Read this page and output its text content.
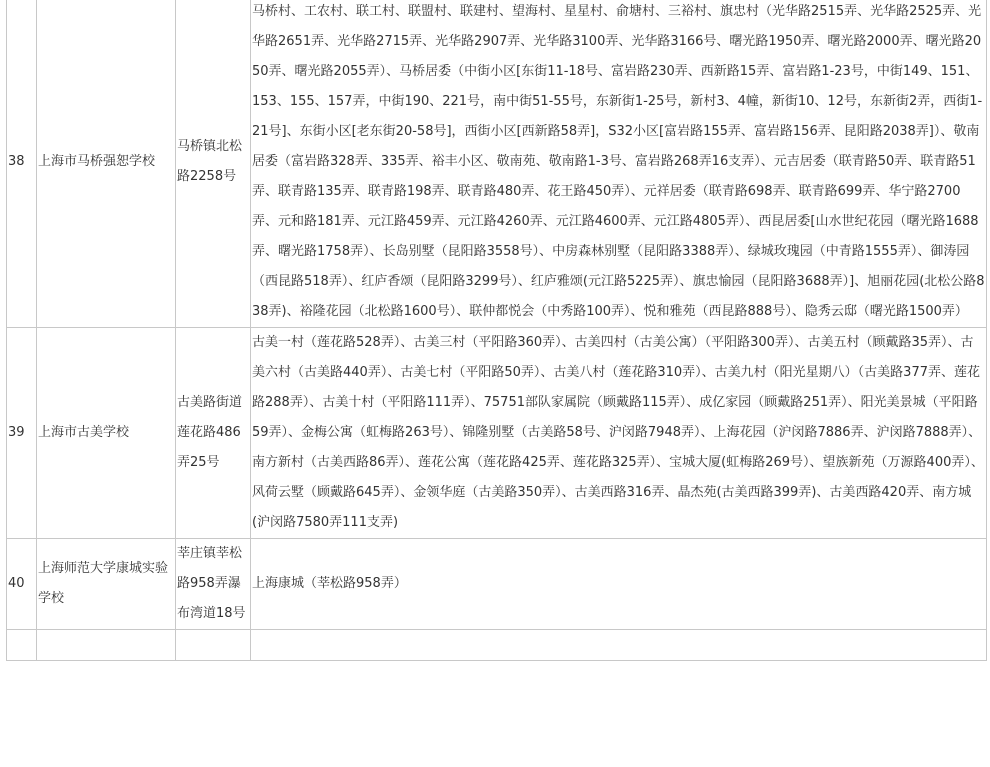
38	上海市马桥强恕学校	马桥镇北松路2258号	马桥村、工农村、联工村、联盟村、联建村、望海村、星星村、俞塘村、三裕村、旗忠村（光华路2515弄、光华路2525弄、光华路2651弄、光华路2715弄、光华路2907弄、光华路3100弄、光华路3166号、曙光路1950弄、曙光路2000弄、曙光路2050弄、曙光路2055弄）、马桥居委（中街小区[东街11-18号、富岩路230弄、西新路15弄、富岩路1-23号，中街149、151、153、155、157弄，中街190、221号，南中街51-55号，东新街1-25号，新村3、4幢，新街10、12号，东新街2弄，西街1-21号]、东街小区[老东街20-58号]，西街小区[西新路58弄]，S32小区[富岩路155弄、富岩路156弄、昆阳路2038弄]）、敬南居委（富岩路328弄、335弄、裕丰小区、敬南苑、敬南路1-3号、富岩路268弄16支弄）、元吉居委（联青路50弄、联青路51弄、联青路135弄、联青路198弄、联青路480弄、花王路450弄）、元祥居委（联青路698弄、联青路699弄、华宁路2700弄、元和路181弄、元江路459弄、元江路4260弄、元江路4600弄、元江路4805弄）、西昆居委[山水世纪花园（曙光路1688弄、曙光路1758弄）、长岛别墅（昆阳路3558号）、中房森林别墅（昆阳路3388弄）、绿城玫瑰园（中青路1555弄）、御涛园（西昆路518弄）、红庐香颂（昆阳路3299号）、红庐雅颂(元江路5225弄）、旗忠愉园（昆阳路3688弄）]、旭丽花园(北松公路838弄)、裕隆花园（北松路1600号）、联仲都悦会（中秀路100弄）、悦和雅苑（西昆路888号）、隐秀云邸（曙光路1500弄）
39	上海市古美学校	古美路街道莲花路486弄25号	古美一村（莲花路528弄）、古美三村（平阳路360弄）、古美四村（古美公寓）（平阳路300弄）、古美五村（顾戴路35弄）、古美六村（古美路440弄）、古美七村（平阳路50弄）、古美八村（莲花路310弄）、古美九村（阳光星期八）（古美路377弄、莲花路288弄）、古美十村（平阳路111弄）、75751部队家属院（顾戴路115弄）、成亿家园（顾戴路251弄）、阳光美景城（平阳路59弄）、金梅公寓（虹梅路263号）、锦隆别墅（古美路58号、沪闵路7948弄）、上海花园（沪闵路7886弄、沪闵路7888弄）、南方新村（古美西路86弄）、莲花公寓（莲花路425弄、莲花路325弄）、宝城大厦(虹梅路269号）、望族新苑（万源路400弄）、风荷云墅（顾戴路645弄）、金领华庭（古美路350弄）、古美西路316弄、晶杰苑(古美西路399弄)、古美西路420弄、南方城(沪闵路7580弄111支弄)
40	上海师范大学康城实验学校	莘庄镇莘松路958弄瀑布湾道18号	上海康城（莘松路958弄）
